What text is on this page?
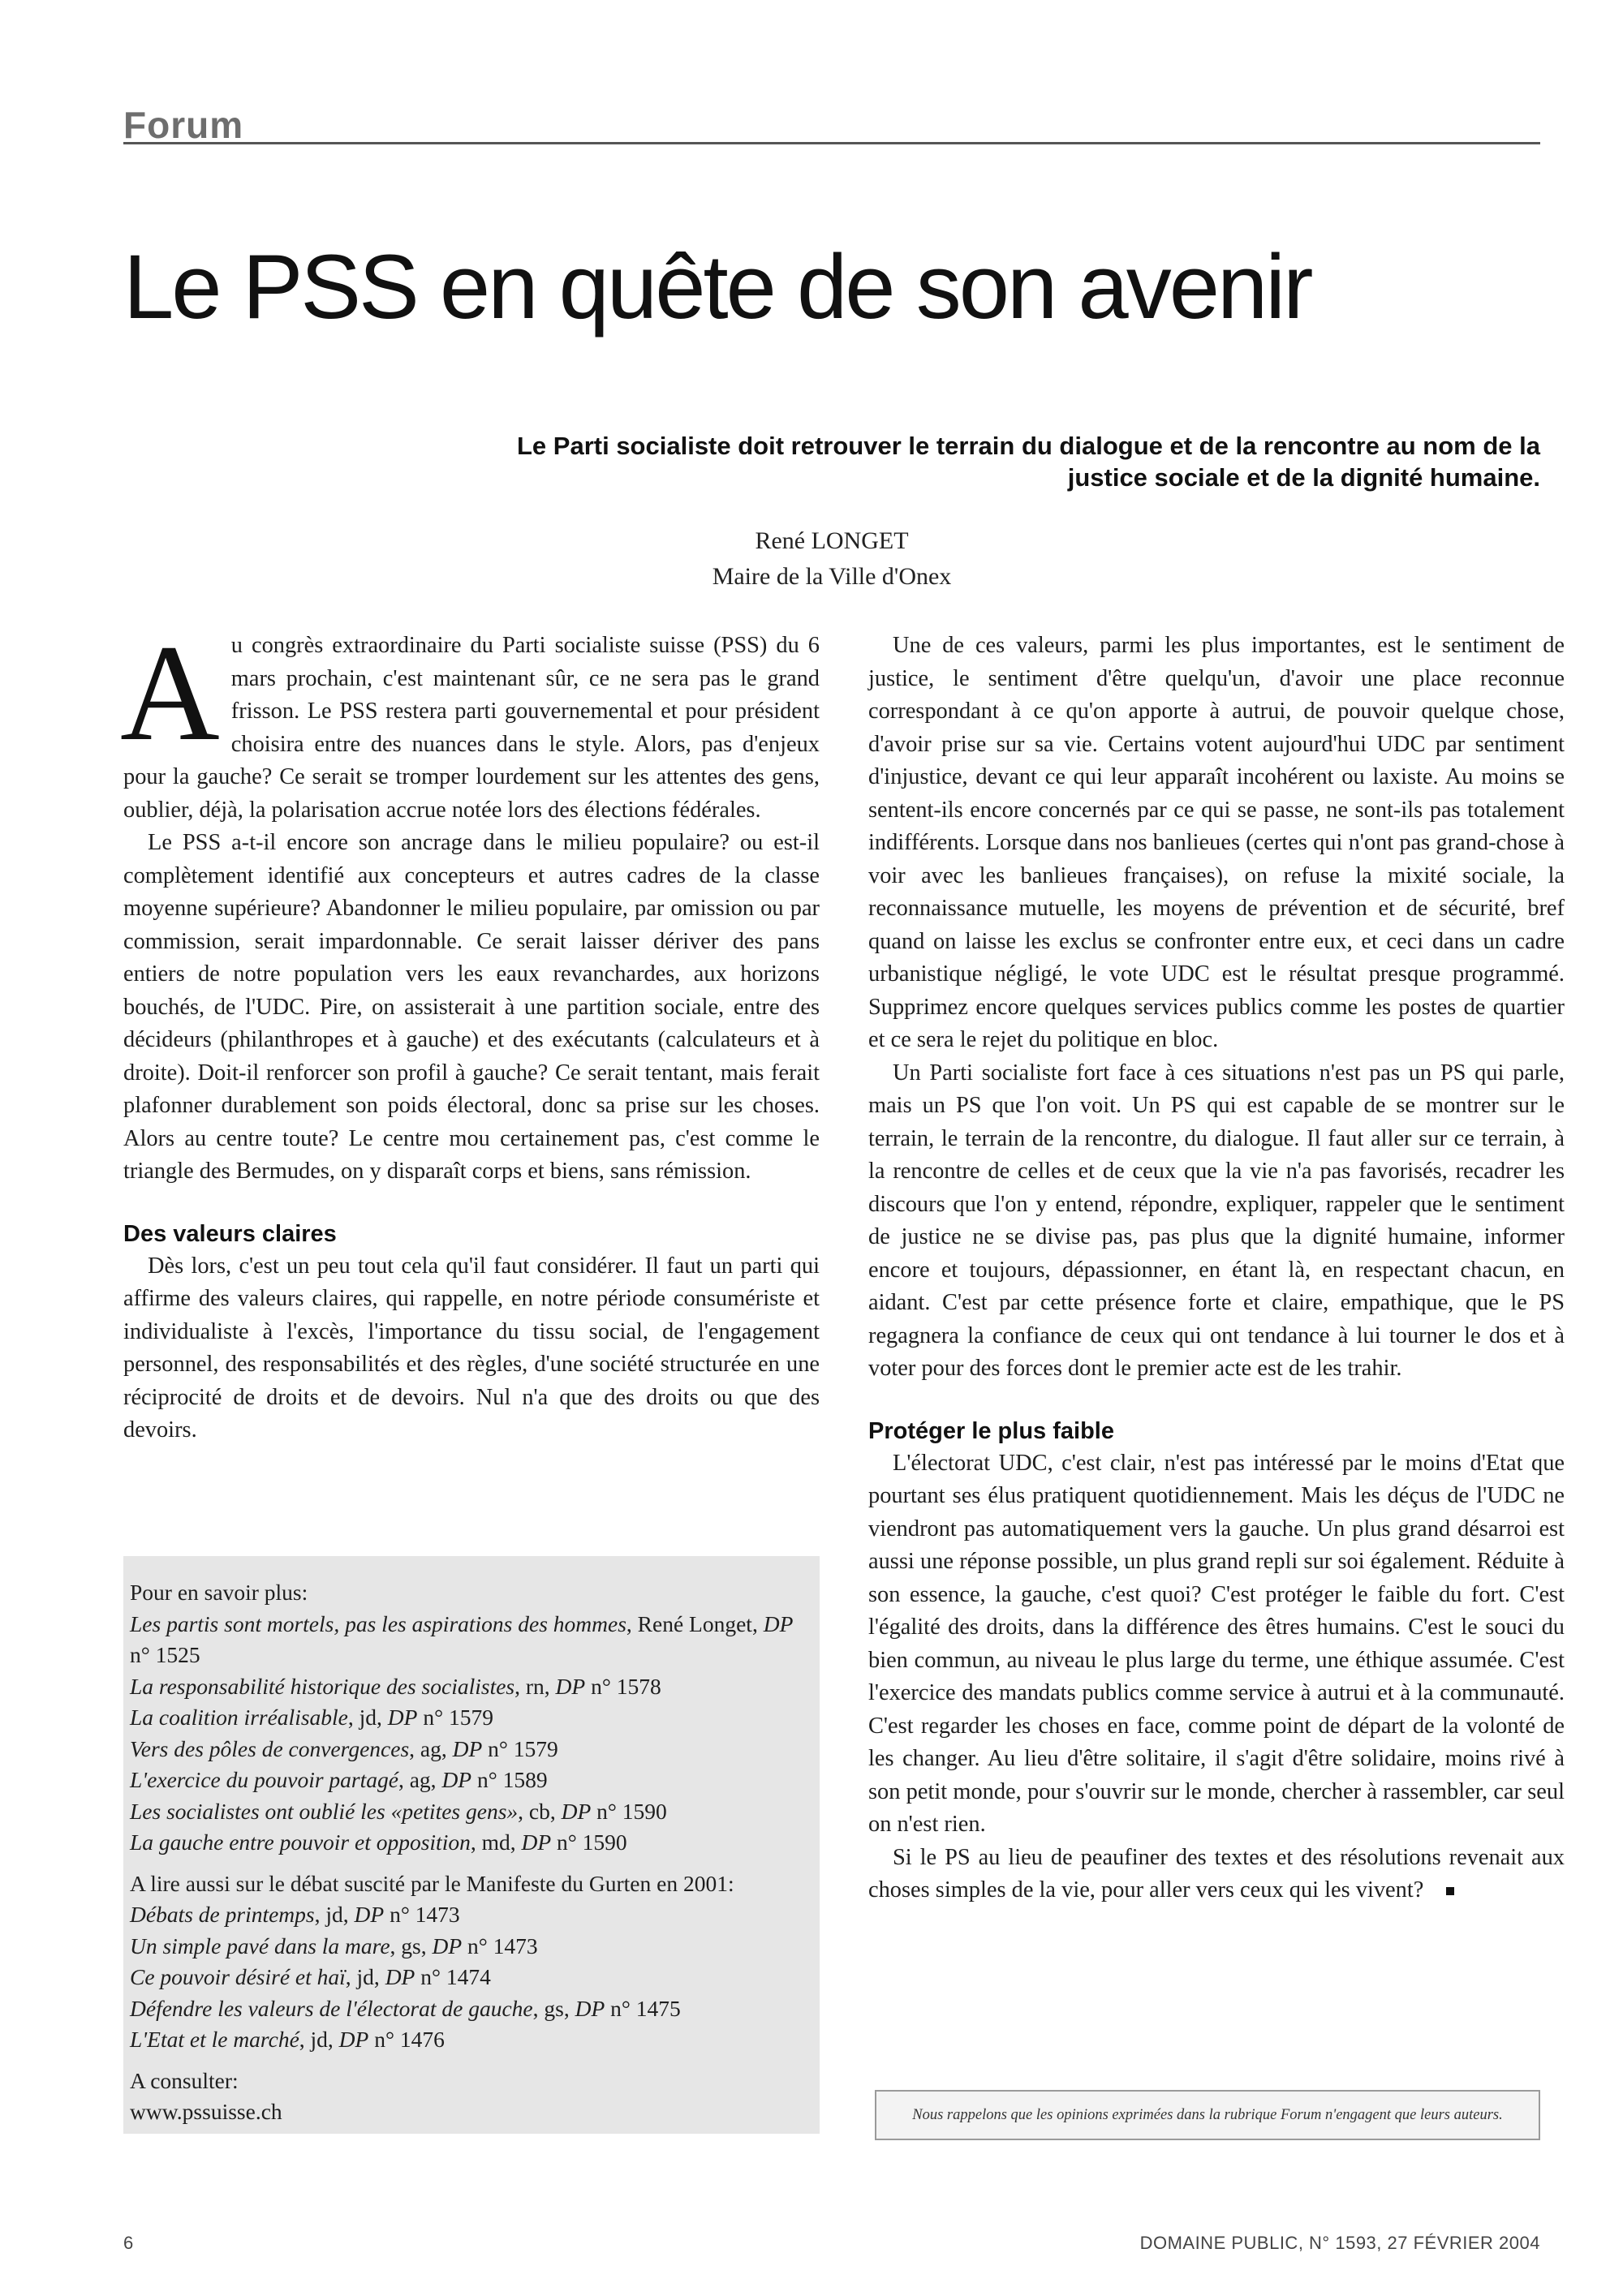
Forum
Le PSS en quête de son avenir
Le Parti socialiste doit retrouver le terrain du dialogue et de la rencontre au nom de la justice sociale et de la dignité humaine.
René LONGET
Maire de la Ville d'Onex

Au congrès extraordinaire du Parti socialiste suisse (PSS) du 6 mars prochain, c'est maintenant sûr, ce ne sera pas le grand frisson. Le PSS restera parti gouvernemental et pour président choisira entre des nuances dans le style. Alors, pas d'enjeux pour la gauche? Ce serait se tromper lourdement sur les attentes des gens, oublier, déjà, la polarisation accrue notée lors des élections fédérales.

Le PSS a-t-il encore son ancrage dans le milieu populaire? ou est-il complètement identifié aux concepteurs et autres cadres de la classe moyenne supérieure? Abandonner le milieu populaire, par omission ou par commission, serait impardonnable. Ce serait laisser dériver des pans entiers de notre population vers les eaux revanchardes, aux horizons bouchés, de l'UDC. Pire, on assisterait à une partition sociale, entre des décideurs (philanthropes et à gauche) et des exécutants (calculateurs et à droite). Doit-il renforcer son profil à gauche? Ce serait tentant, mais ferait plafonner durablement son poids électoral, donc sa prise sur les choses. Alors au centre toute? Le centre mou certainement pas, c'est comme le triangle des Bermudes, on y disparaît corps et biens, sans rémission.

Des valeurs claires

Dès lors, c'est un peu tout cela qu'il faut considérer. Il faut un parti qui affirme des valeurs claires, qui rappelle, en notre période consumériste et individualiste à l'excès, l'importance du tissu social, de l'engagement personnel, des responsabilités et des règles, d'une société structurée en une réciprocité de droits et de devoirs. Nul n'a que des droits ou que des devoirs.

Une de ces valeurs, parmi les plus importantes, est le sentiment de justice, le sentiment d'être quelqu'un, d'avoir une place reconnue correspondant à ce qu'on apporte à autrui, de pouvoir quelque chose, d'avoir prise sur sa vie. Certains votent aujourd'hui UDC par sentiment d'injustice, devant ce qui leur apparaît incohérent ou laxiste. Au moins se sentent-ils encore concernés par ce qui se passe, ne sont-ils pas totalement indifférents. Lorsque dans nos banlieues (certes qui n'ont pas grand-chose à voir avec les banlieues françaises), on refuse la mixité sociale, la reconnaissance mutuelle, les moyens de prévention et de sécurité, bref quand on laisse les exclus se confronter entre eux, et ceci dans un cadre urbanistique négligé, le vote UDC est le résultat presque programmé. Supprimez encore quelques services publics comme les postes de quartier et ce sera le rejet du politique en bloc.

Un Parti socialiste fort face à ces situations n'est pas un PS qui parle, mais un PS que l'on voit. Un PS qui est capable de se montrer sur le terrain, le terrain de la rencontre, du dialogue. Il faut aller sur ce terrain, à la rencontre de celles et de ceux que la vie n'a pas favorisés, recadrer les discours que l'on y entend, répondre, expliquer, rappeler que le sentiment de justice ne se divise pas, pas plus que la dignité humaine, informer encore et toujours, dépassionner, en étant là, en respectant chacun, en aidant. C'est par cette présence forte et claire, empathique, que le PS regagnera la confiance de ceux qui ont tendance à lui tourner le dos et à voter pour des forces dont le premier acte est de les trahir.

Protéger le plus faible

L'électorat UDC, c'est clair, n'est pas intéressé par le moins d'Etat que pourtant ses élus pratiquent quotidiennement. Mais les déçus de l'UDC ne viendront pas automatiquement vers la gauche. Un plus grand désarroi est aussi une réponse possible, un plus grand repli sur soi également. Réduite à son essence, la gauche, c'est quoi? C'est protéger le faible du fort. C'est l'égalité des droits, dans la différence des êtres humains. C'est le souci du bien commun, au niveau le plus large du terme, une éthique assumée. C'est l'exercice des mandats publics comme service à autrui et à la communauté. C'est regarder les choses en face, comme point de départ de la volonté de les changer. Au lieu d'être solitaire, il s'agit d'être solidaire, moins rivé à son petit monde, pour s'ouvrir sur le monde, chercher à rassembler, car seul on n'est rien.

Si le PS au lieu de peaufiner des textes et des résolutions revenait aux choses simples de la vie, pour aller vers ceux qui les vivent?

Pour en savoir plus:
Les partis sont mortels, pas les aspirations des hommes, René Longet, DP n° 1525
La responsabilité historique des socialistes, rn, DP n° 1578
La coalition irréalisable, jd, DP n° 1579
Vers des pôles de convergences, ag, DP n° 1579
L'exercice du pouvoir partagé, ag, DP n° 1589
Les socialistes ont oublié les «petites gens», cb, DP n° 1590
La gauche entre pouvoir et opposition, md, DP n° 1590
A lire aussi sur le débat suscité par le Manifeste du Gurten en 2001:
Débats de printemps, jd, DP n° 1473
Un simple pavé dans la mare, gs, DP n° 1473
Ce pouvoir désiré et haï, jd, DP n° 1474
Défendre les valeurs de l'électorat de gauche, gs, DP n° 1475
L'Etat et le marché, jd, DP n° 1476
A consulter:
www.pssuisse.ch	Nous rappelons que les opinions exprimées dans la rubrique Forum n'engagent que leurs auteurs.
6	DOMAINE PUBLIC, N° 1593, 27 FÉVRIER 2004
